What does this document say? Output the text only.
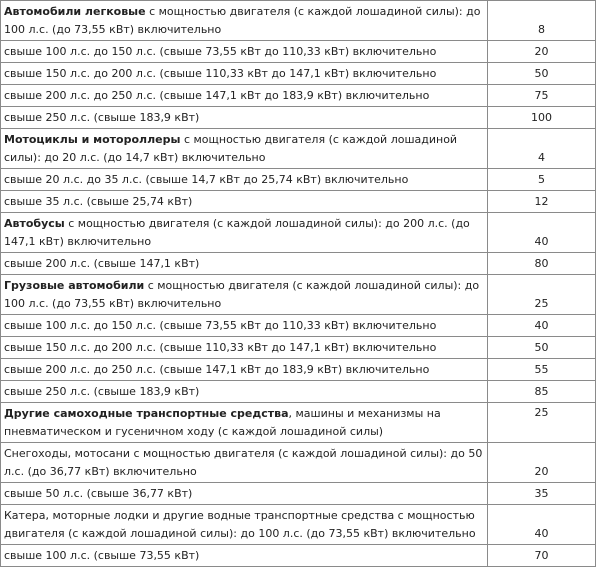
Автомобили легковые с мощностью двигателя (с каждой лошадиной силы): до 100 л.с. (до 73,55 кВт) включительно	8
свыше 100 л.с. до 150 л.с. (свыше 73,55 кВт до 110,33 кВт) включительно	20
свыше 150 л.с. до 200 л.с. (свыше 110,33 кВт до 147,1 кВт) включительно	50
свыше 200 л.с. до 250 л.с. (свыше 147,1 кВт до 183,9 кВт) включительно	75
свыше 250 л.с. (свыше 183,9 кВт)	100
Мотоциклы и мотороллеры с мощностью двигателя (с каждой лошадиной силы): до 20 л.с. (до 14,7 кВт) включительно	4
свыше 20 л.с. до 35 л.с. (свыше 14,7 кВт до 25,74 кВт) включительно	5
свыше 35 л.с. (свыше 25,74 кВт)	12
Автобусы с мощностью двигателя (с каждой лошадиной силы): до 200 л.с. (до 147,1 кВт) включительно	40
свыше 200 л.с. (свыше 147,1 кВт)	80
Грузовые автомобили с мощностью двигателя (с каждой лошадиной силы): до 100 л.с. (до 73,55 кВт) включительно	25
свыше 100 л.с. до 150 л.с. (свыше 73,55 кВт до 110,33 кВт) включительно	40
свыше 150 л.с. до 200 л.с. (свыше 110,33 кВт до 147,1 кВт) включительно	50
свыше 200 л.с. до 250 л.с. (свыше 147,1 кВт до 183,9 кВт) включительно	55
свыше 250 л.с. (свыше 183,9 кВт)	85
Другие самоходные транспортные средства, машины и механизмы на пневматическом и гусеничном ходу (с каждой лошадиной силы)	25
Снегоходы, мотосани с мощностью двигателя (с каждой лошадиной силы): до 50 л.с. (до 36,77 кВт) включительно	20
свыше 50 л.с. (свыше 36,77 кВт)	35
Катера, моторные лодки и другие водные транспортные средства с мощностью двигателя (с каждой лошадиной силы): до 100 л.с. (до 73,55 кВт) включительно	40
свыше 100 л.с. (свыше 73,55 кВт)	70
